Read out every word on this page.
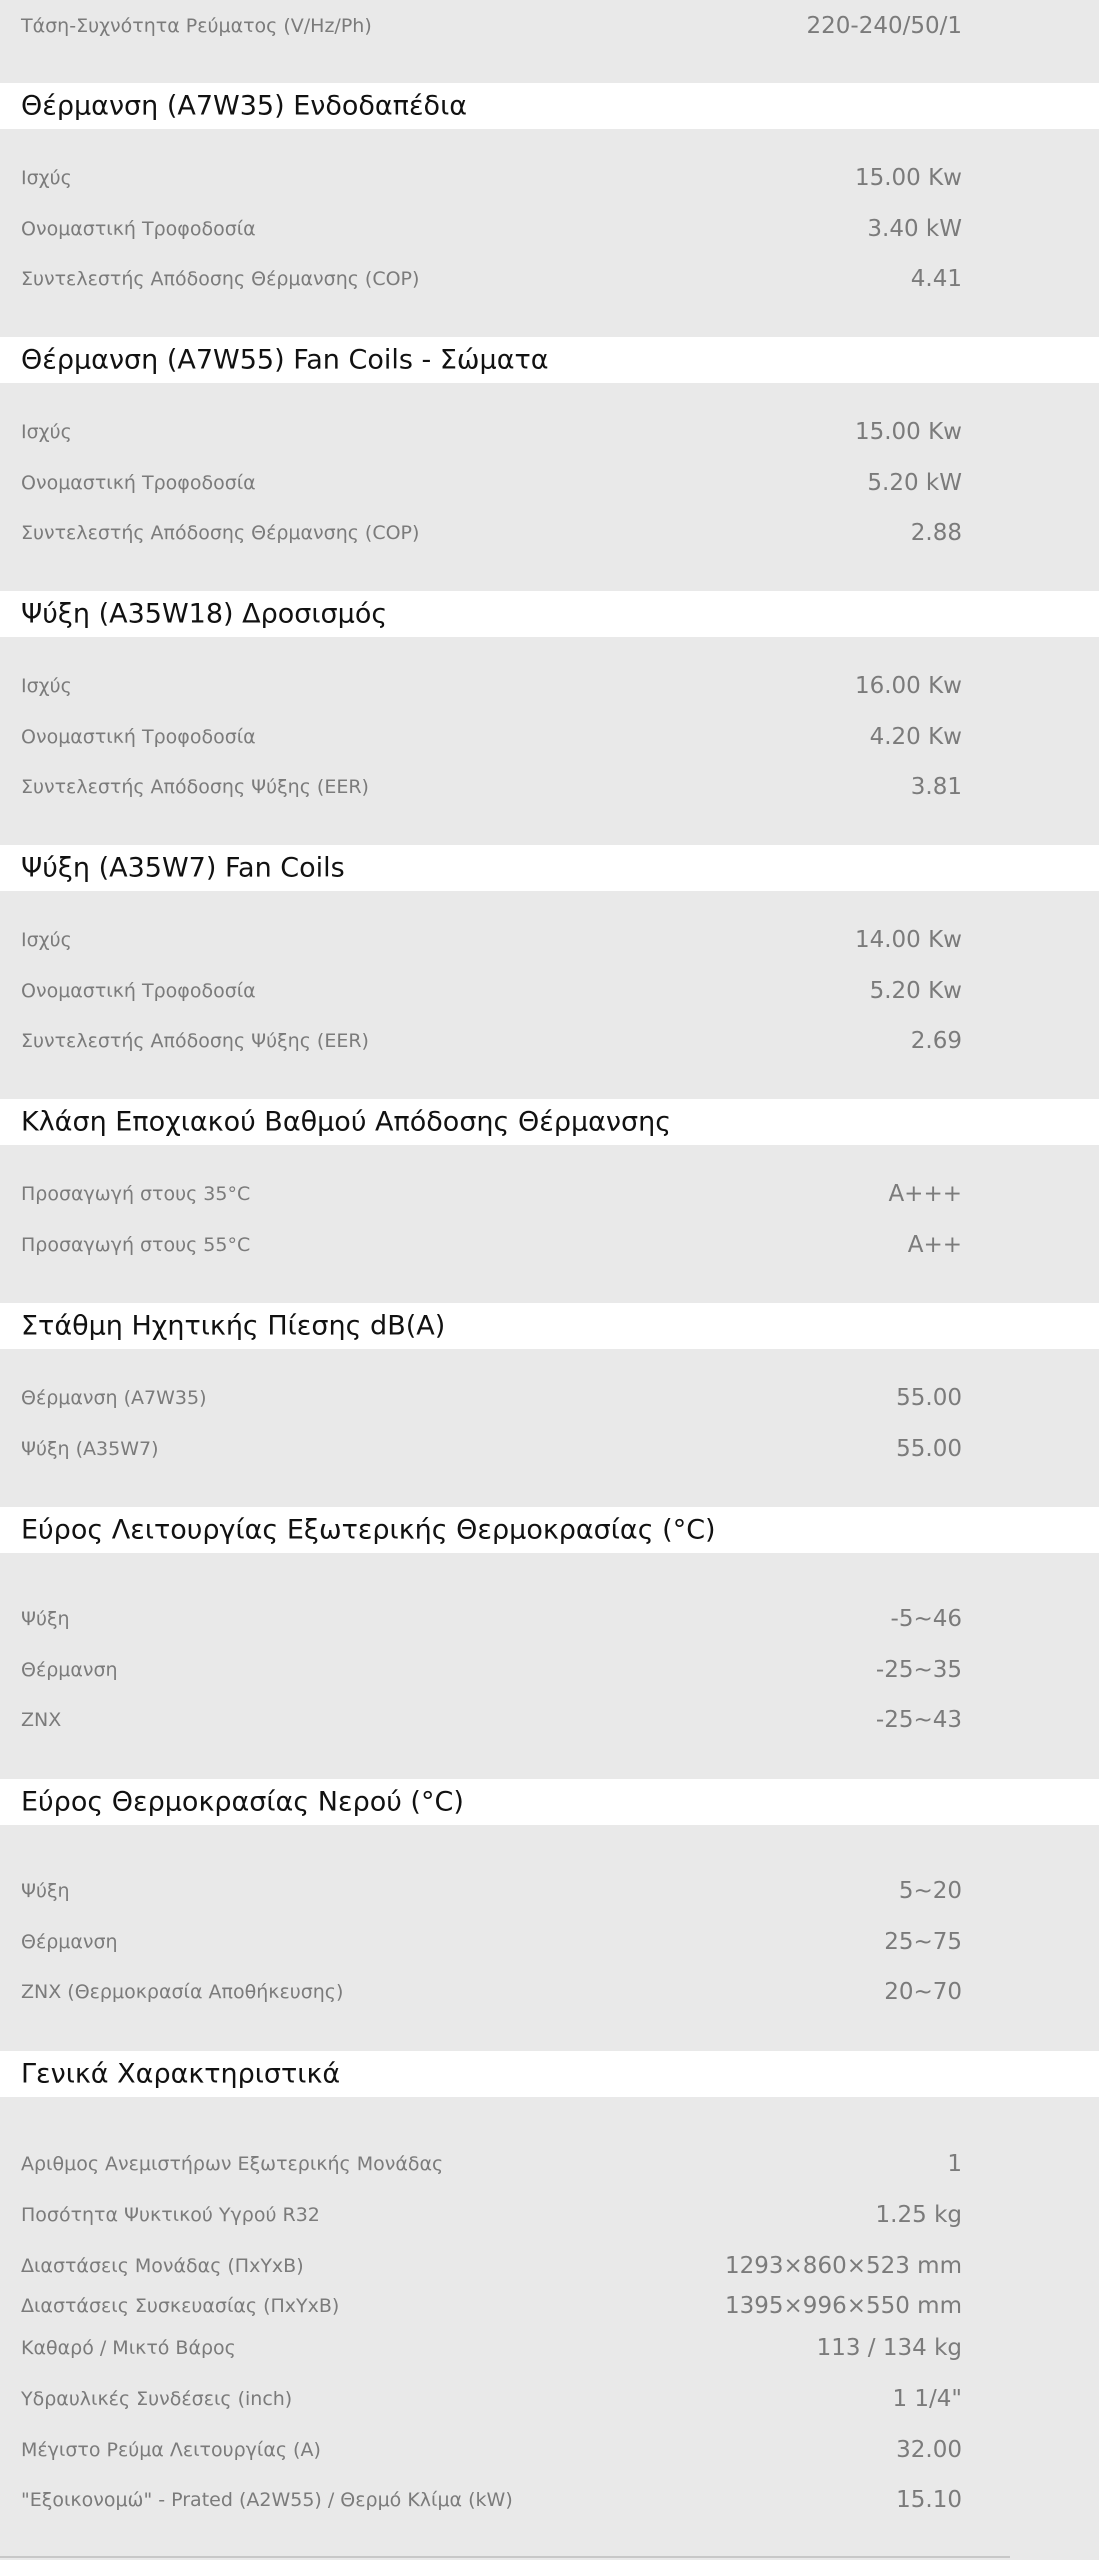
Τάση-Συχνότητα Ρεύματος (V/Hz/Ph)	220-240/50/1
Θέρμανση (A7W35) Ενδοδαπέδια
Ισχύς	15.00 Kw
Ονομαστική Τροφοδοσία	3.40 kW
Συντελεστής Απόδοσης Θέρμανσης (COP)	4.41
Θέρμανση (A7W55) Fan Coils - Σώματα
Ισχύς	15.00 Kw
Ονομαστική Τροφοδοσία	5.20 kW
Συντελεστής Απόδοσης Θέρμανσης (COP)	2.88
Ψύξη (A35W18) Δροσισμός
Ισχύς	16.00 Kw
Ονομαστική Τροφοδοσία	4.20 Kw
Συντελεστής Απόδοσης Ψύξης (EER)	3.81
Ψύξη (A35W7) Fan Coils
Ισχύς	14.00 Kw
Ονομαστική Τροφοδοσία	5.20 Kw
Συντελεστής Απόδοσης Ψύξης (EER)	2.69
Κλάση Εποχιακού Βαθμού Απόδοσης Θέρμανσης
Προσαγωγή στους 35°C	A+++
Προσαγωγή στους 55°C	A++
Στάθμη Ηχητικής Πίεσης dB(A)
Θέρμανση (A7W35)	55.00
Ψύξη (A35W7)	55.00
Εύρος Λειτουργίας Εξωτερικής Θερμοκρασίας (°C)
Ψύξη	-5~46
Θέρμανση	-25~35
ZNX	-25~43
Εύρος Θερμοκρασίας Νερού (°C)
Ψύξη	5~20
Θέρμανση	25~75
ZNX (Θερμοκρασία Αποθήκευσης)	20~70
Γενικά Χαρακτηριστικά
Αριθμος Ανεμιστήρων Εξωτερικής Μονάδας	1
Ποσότητα Ψυκτικού Υγρού R32	1.25 kg
Διαστάσεις Μονάδας (ΠxΥxΒ)	1293×860×523 mm
Διαστάσεις Συσκευασίας (ΠxΥxΒ)	1395×996×550 mm
Καθαρό / Μικτό Βάρος	113 / 134 kg
Υδραυλικές Συνδέσεις (inch)	1 1/4"
Μέγιστο Ρεύμα Λειτουργίας (A)	32.00
"Εξοικονομώ" - Prated (A2W55) / Θερμό Κλίμα (kW)	15.10
